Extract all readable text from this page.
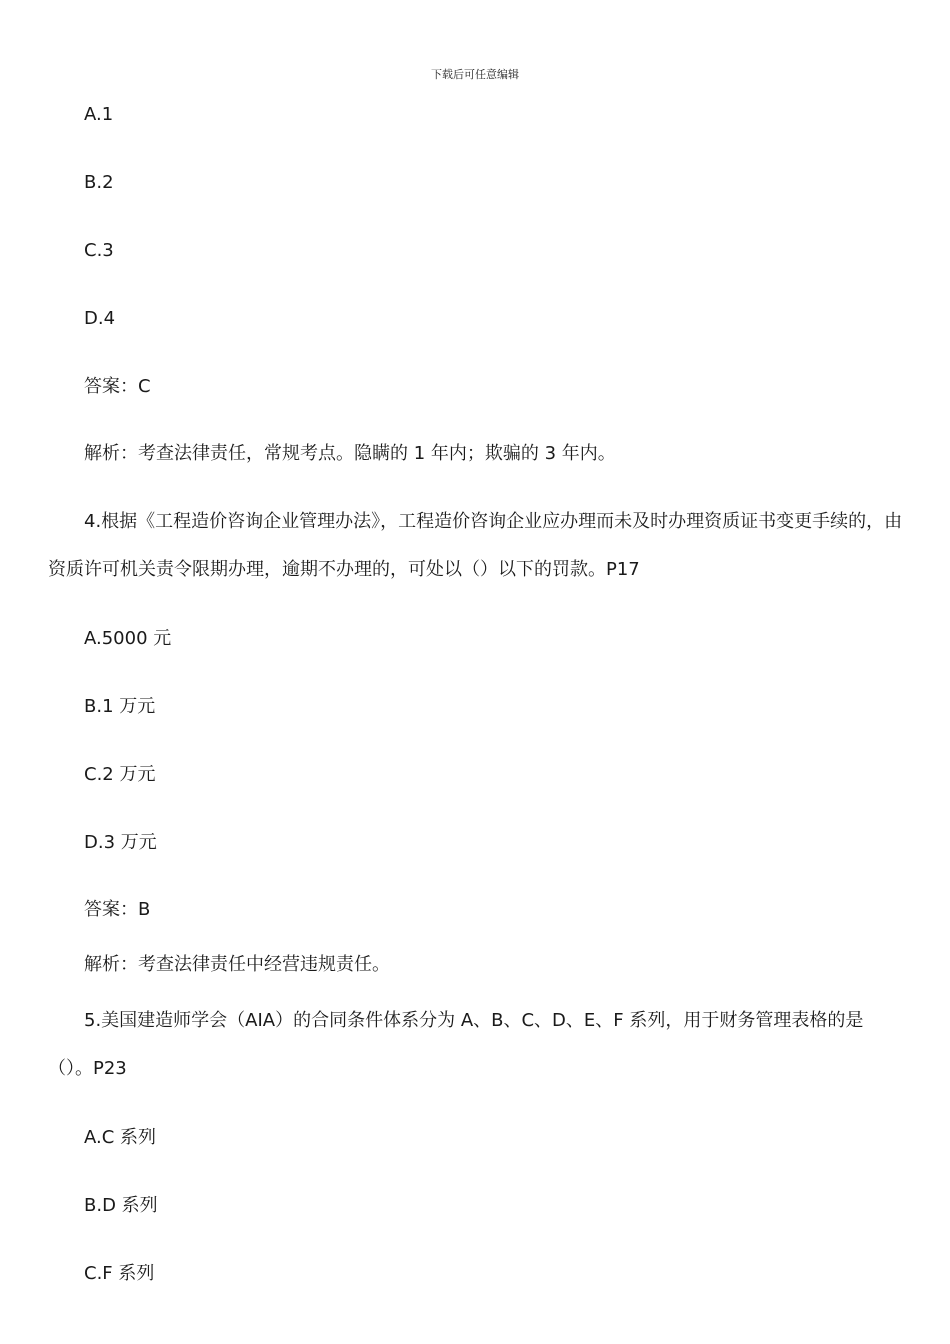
下载后可任意编辑
A.1
B.2
C.3
D.4
答案：C
解析：考查法律责任，常规考点。隐瞒的 1 年内；欺骗的 3 年内。
4.根据《工程造价咨询企业管理办法》，工程造价咨询企业应办理而未及时办理资质证书变更手续的，由资质许可机关责令限期办理，逾期不办理的，可处以（）以下的罚款。P17
A.5000 元
B.1 万元
C.2 万元
D.3 万元
答案：B
解析：考查法律责任中经营违规责任。
5.美国建造师学会（AIA）的合同条件体系分为 A、B、C、D、E、F 系列，用于财务管理表格的是（）。P23
A.C 系列
B.D 系列
C.F 系列
